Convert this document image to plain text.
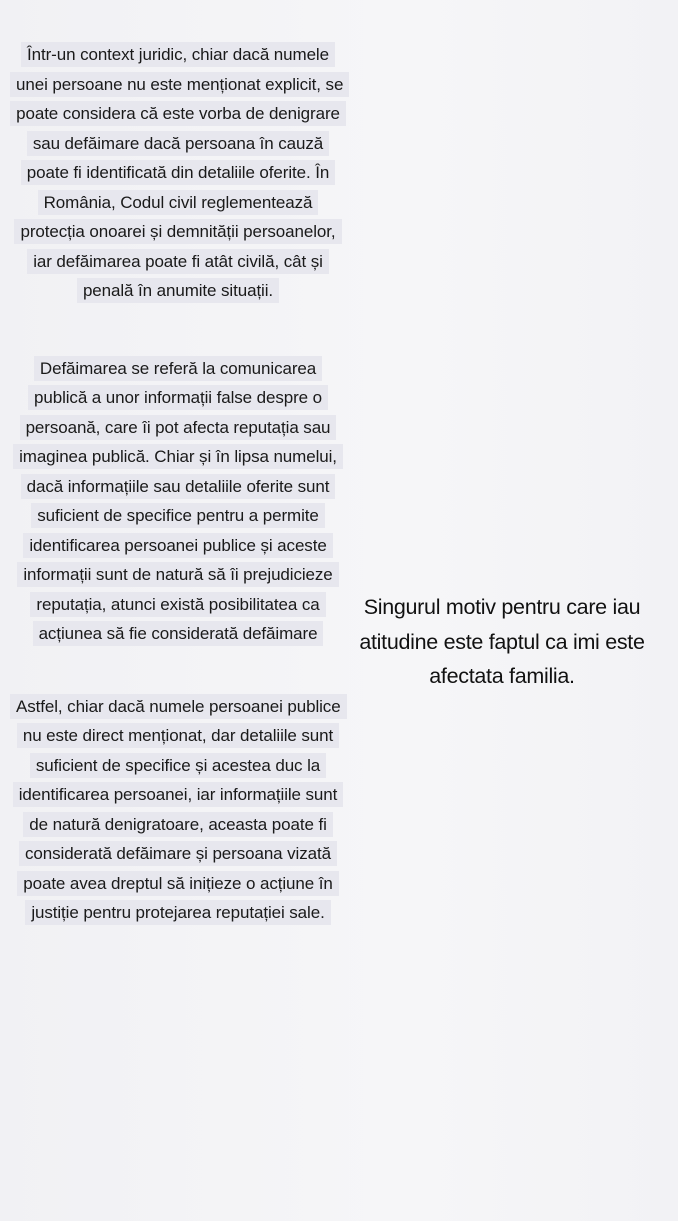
Într-un context juridic, chiar dacă numele unei persoane nu este menționat explicit, se poate considera că este vorba de denigrare sau defăimare dacă persoana în cauză poate fi identificată din detaliile oferite. În România, Codul civil reglementează protecția onoarei și demnității persoanelor, iar defăimarea poate fi atât civilă, cât și penală în anumite situații.

Defăimarea se referă la comunicarea publică a unor informații false despre o persoană, care îi pot afecta reputația sau imaginea publică. Chiar și în lipsa numelui, dacă informațiile sau detaliile oferite sunt suficient de specifice pentru a permite identificarea persoanei publice și aceste informații sunt de natură să îi prejudicieze reputația, atunci există posibilitatea ca acțiunea să fie considerată defăimare

Astfel, chiar dacă numele persoanei publice nu este direct menționat, dar detaliile sunt suficient de specifice și acestea duc la identificarea persoanei, iar informațiile sunt de natură denigratoare, aceasta poate fi considerată defăimare și persoana vizată poate avea dreptul să inițieze o acțiune în justiție pentru protejarea reputației sale.

Singurul motiv pentru care iau atitudine este faptul ca imi este afectata familia.
